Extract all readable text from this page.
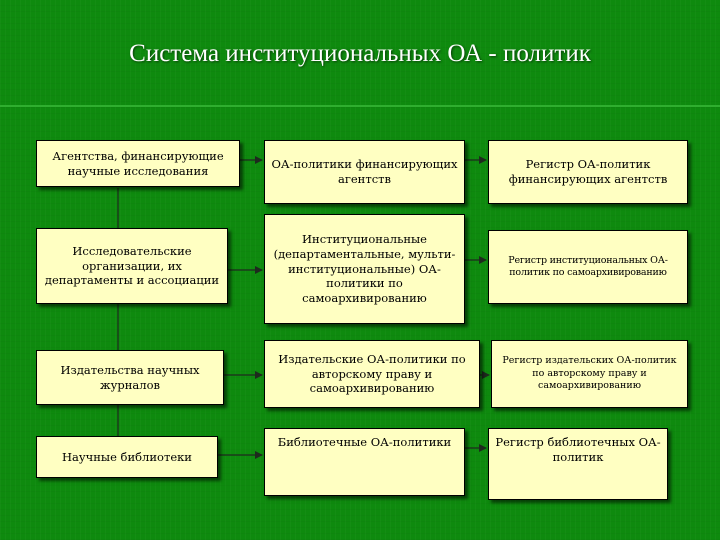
Система институциональных ОА - политик
Агентства, финансирующие научные исследования	ОА-политики финансирующих агентств
Регистр ОА-политик финансирующих агентств
Исследовательские организации, их департаменты и ассоциации
Институциональные (департаментальные, мульти-институциональные) ОА-политики по самоархивированию
Регистр институциональных ОА-политик по самоархивированию
Издательства научных журналов
Издательские ОА-политики по авторскому праву и самоархивированию
Регистр издательских ОА-политик по авторскому праву и самоархивированию
Научные библиотеки
Библиотечные ОА-политики	Регистр библиотечных ОА-политик
